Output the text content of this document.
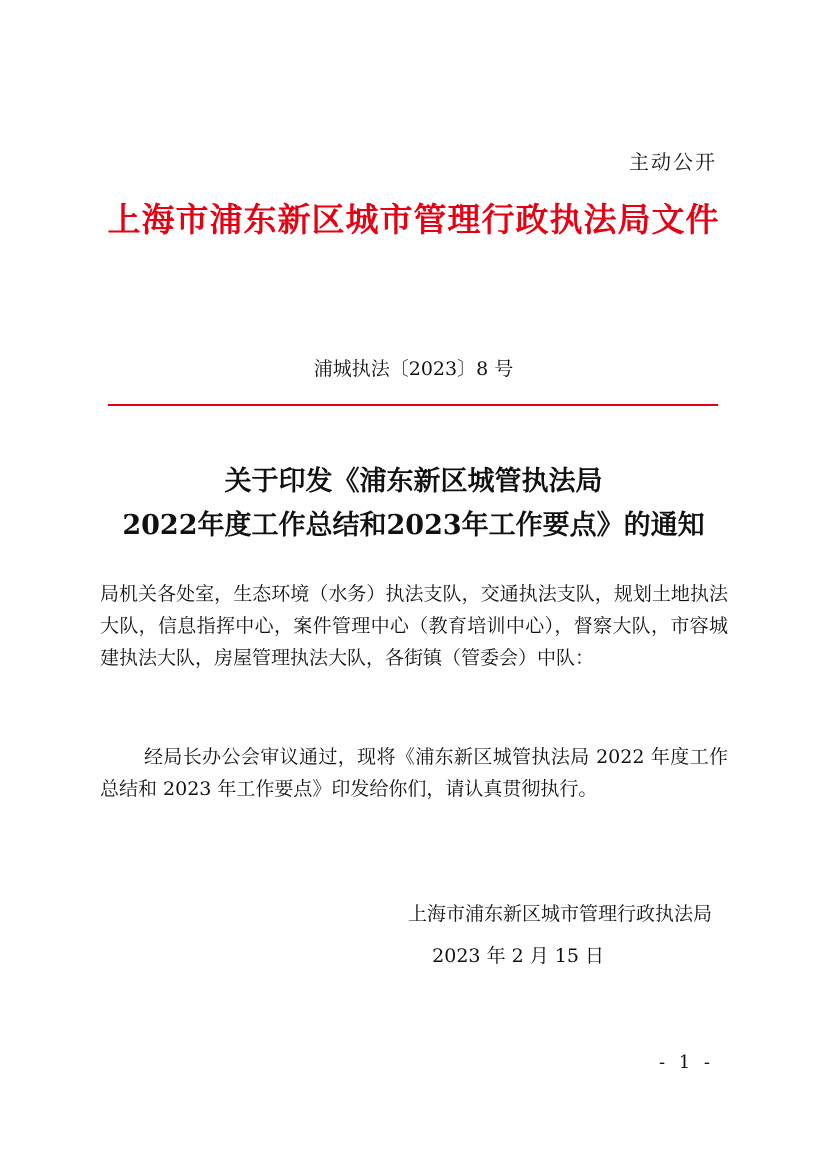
主动公开
上海市浦东新区城市管理行政执法局文件
浦城执法〔2023〕8 号
关于印发《浦东新区城管执法局
2022年度工作总结和2023年工作要点》的通知
局机关各处室，生态环境（水务）执法支队，交通执法支队，规划土地执法大队，信息指挥中心，案件管理中心（教育培训中心），督察大队，市容城建执法大队，房屋管理执法大队，各街镇（管委会）中队：
经局长办公会审议通过，现将《浦东新区城管执法局 2022 年度工作总结和 2023 年工作要点》印发给你们，请认真贯彻执行。
上海市浦东新区城市管理行政执法局
2023 年 2 月 15 日
- 1 -
